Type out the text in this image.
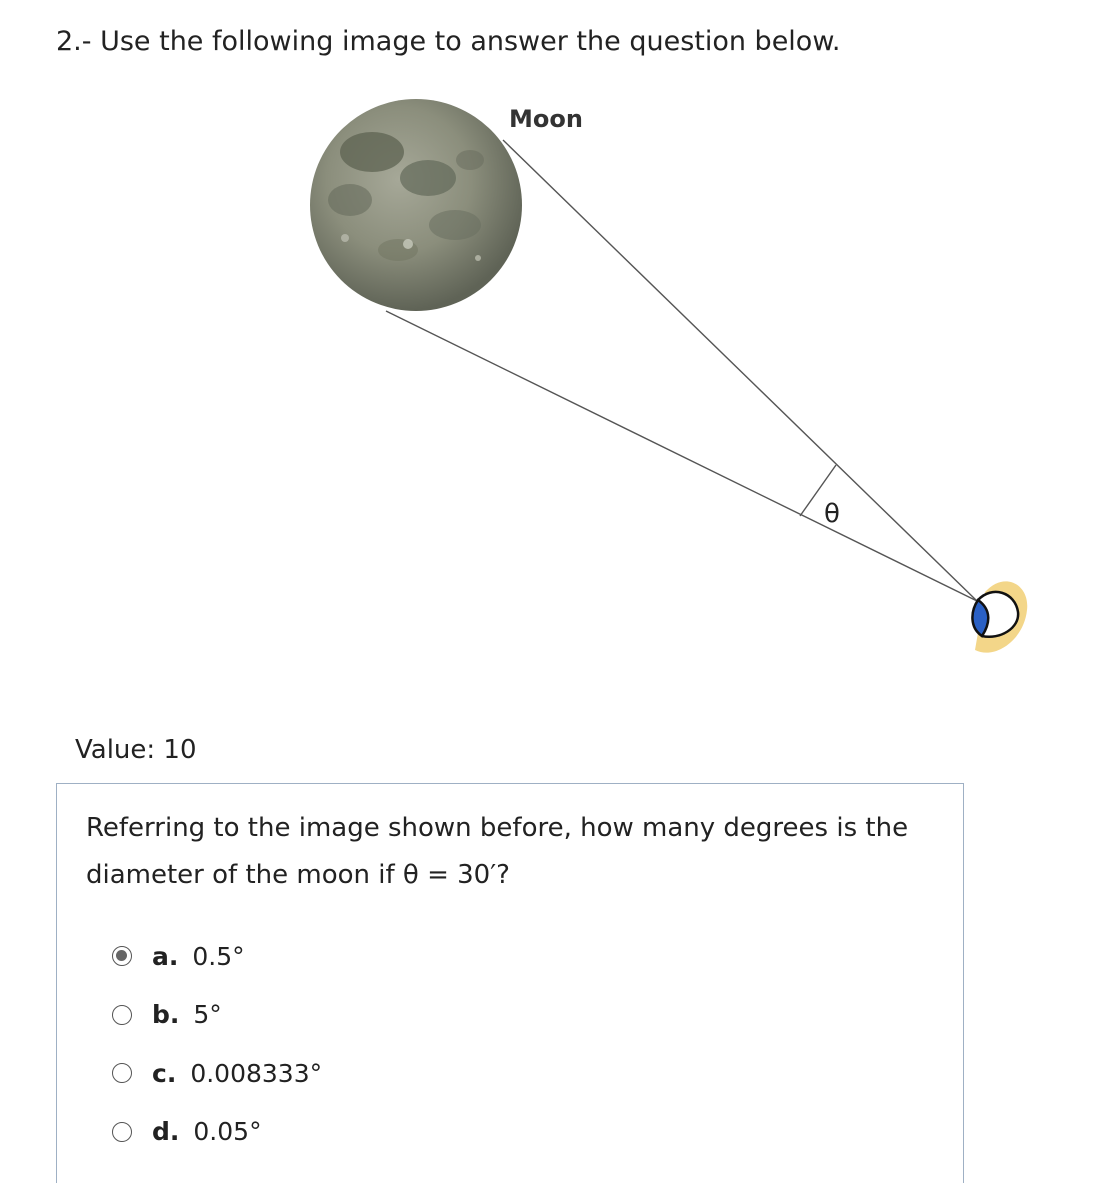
2.- Use the following image to answer the question below.
Moon
θ
Value: 10
Referring to the image shown before, how many degrees is the diameter of the moon if θ = 30′?
a. 0.5°
b. 5°
c. 0.008333°
d. 0.05°
